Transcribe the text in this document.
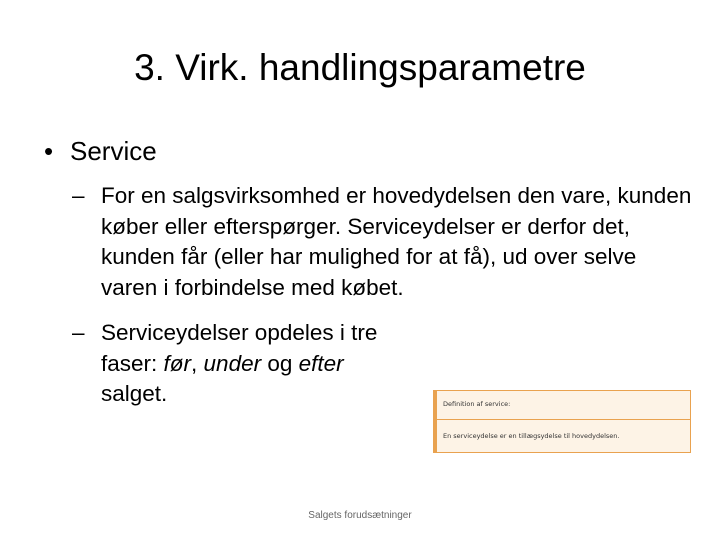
3. Virk. handlingsparametre
• Service
– For en salgsvirksomhed er hovedydelsen den vare, kunden køber eller efterspørger. Serviceydelser er derfor det, kunden får (eller har mulighed for at få), ud over selve varen i forbindelse med købet.
– Serviceydelser opdeles i tre faser: før, under og efter salget.	Definition af service:
En serviceydelse er en tillægsydelse til hovedydelsen.
Salgets forudsætninger
